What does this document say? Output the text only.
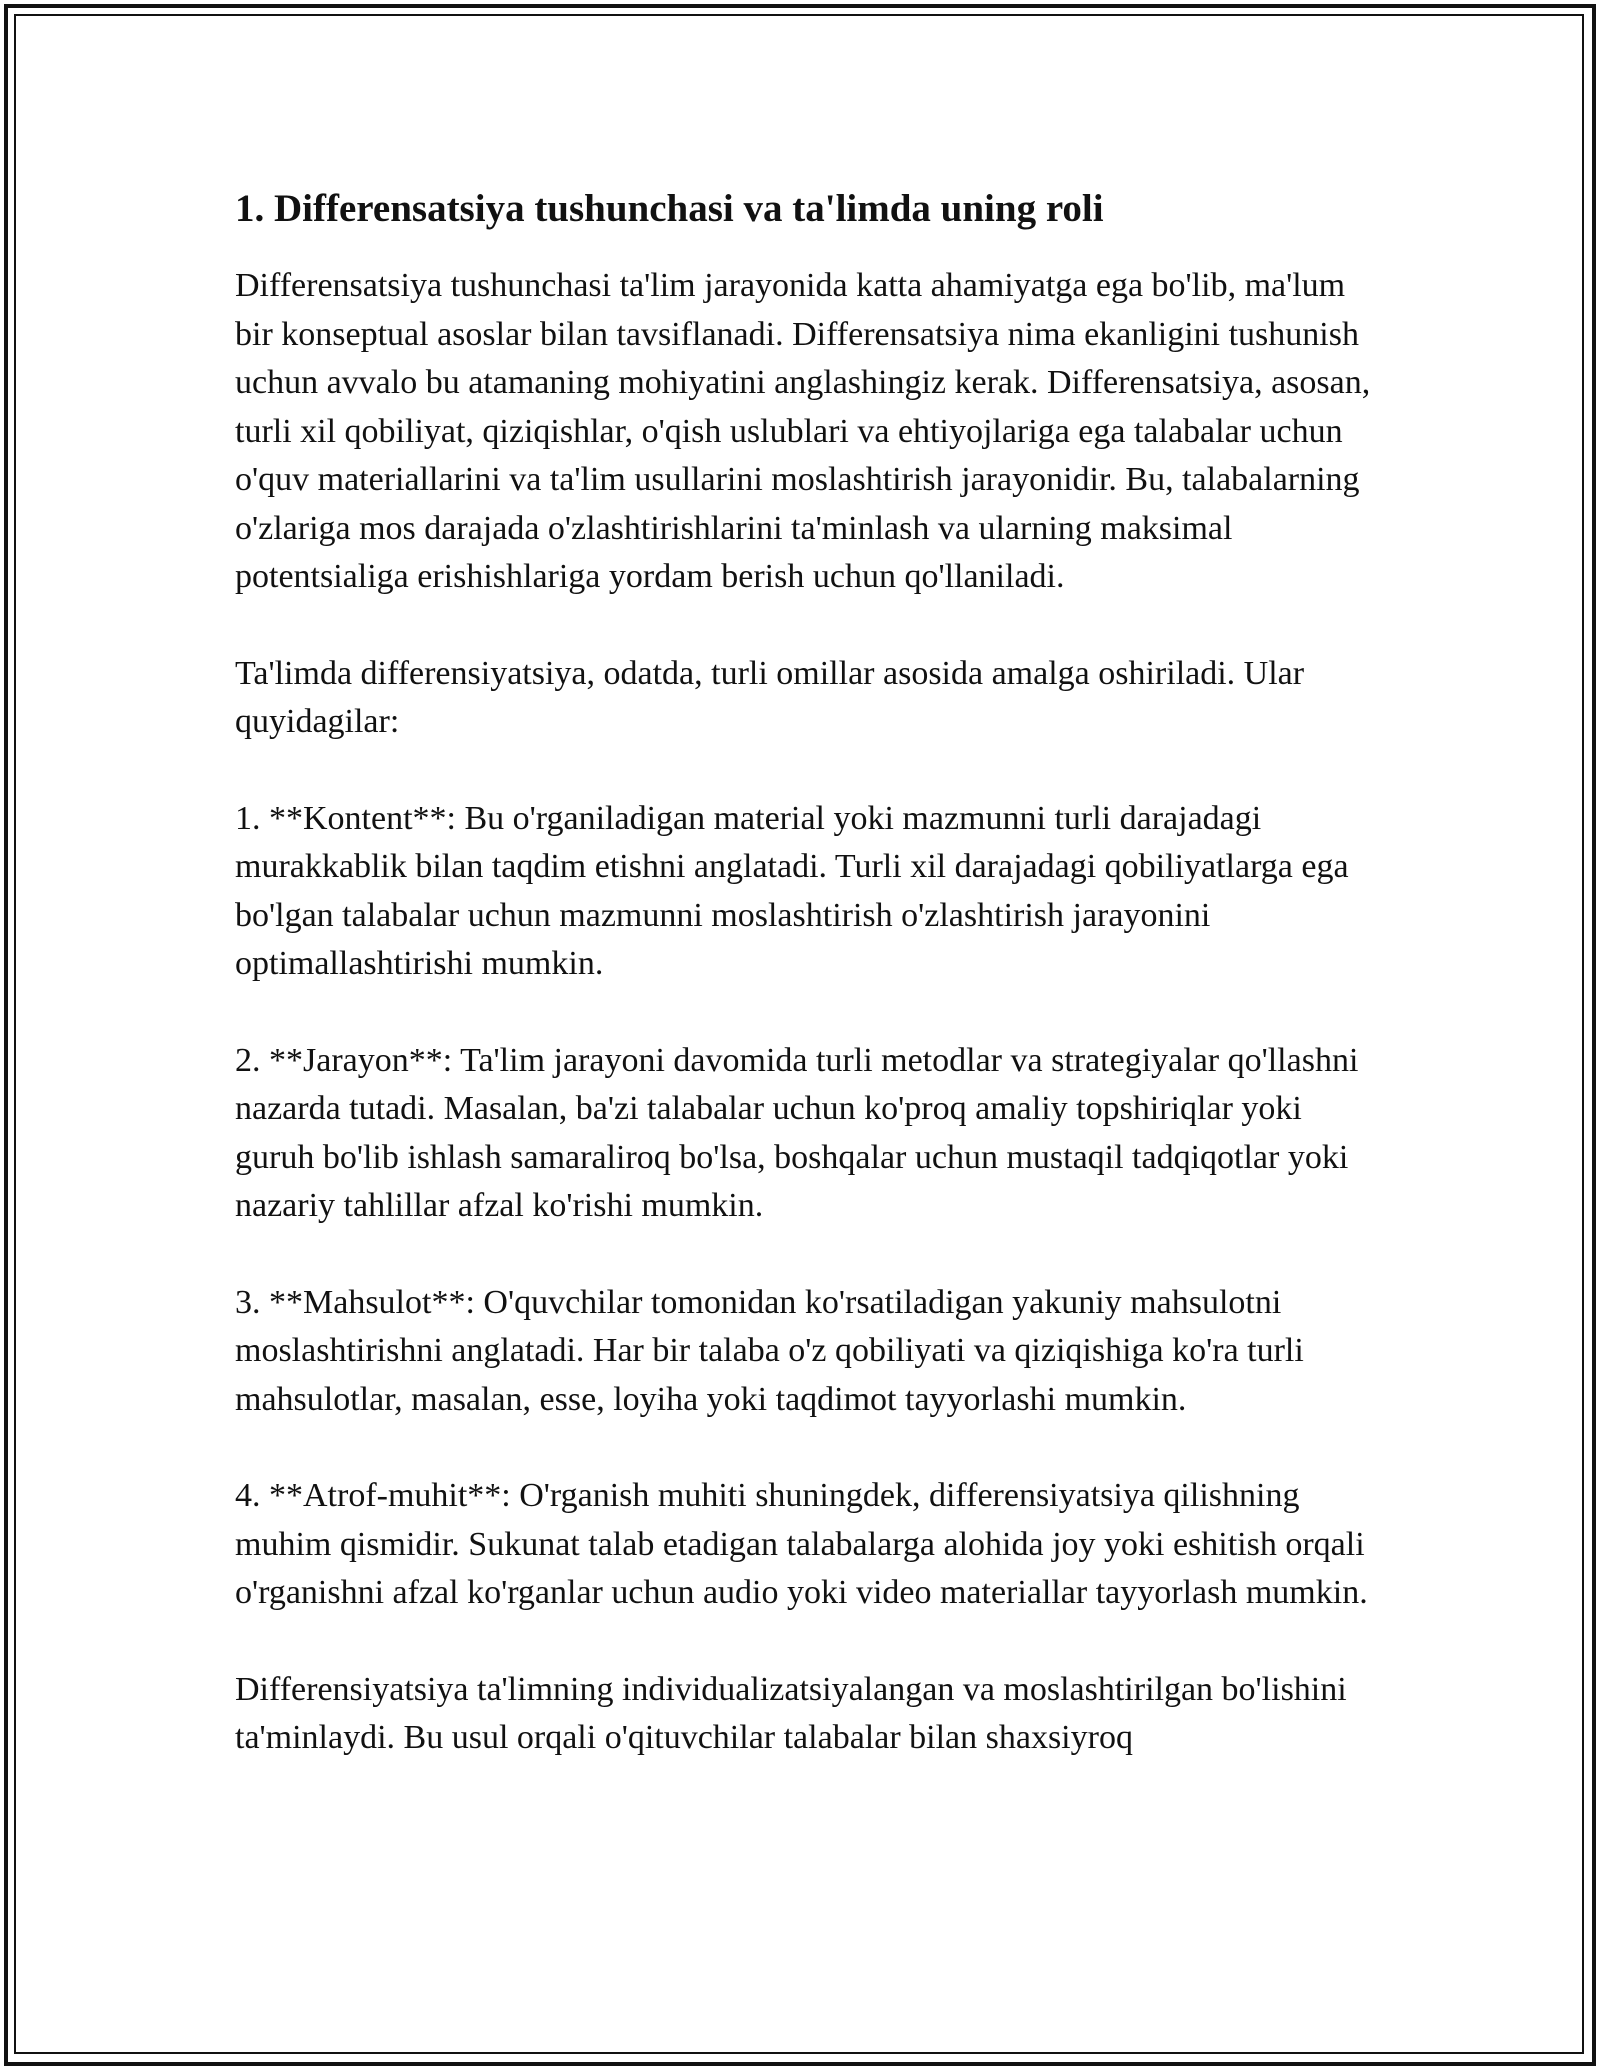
1. Differensatsiya tushunchasi va ta'limda uning roli

Differensatsiya tushunchasi ta'lim jarayonida katta ahamiyatga ega bo'lib, ma'lum bir konseptual asoslar bilan tavsiflanadi. Differensatsiya nima ekanligini tushunish uchun avvalo bu atamaning mohiyatini anglashingiz kerak. Differensatsiya, asosan, turli xil qobiliyat, qiziqishlar, o'qish uslublari va ehtiyojlariga ega talabalar uchun o'quv materiallarini va ta'lim usullarini moslashtirish jarayonidir. Bu, talabalarning o'zlariga mos darajada o'zlashtirishlarini ta'minlash va ularning maksimal potentsialiga erishishlariga yordam berish uchun qo'llaniladi.

Ta'limda differensiyatsiya, odatda, turli omillar asosida amalga oshiriladi. Ular quyidagilar:

1. **Kontent**: Bu o'rganiladigan material yoki mazmunni turli darajadagi murakkablik bilan taqdim etishni anglatadi. Turli xil darajadagi qobiliyatlarga ega bo'lgan talabalar uchun mazmunni moslashtirish o'zlashtirish jarayonini optimallashtirishi mumkin.

2. **Jarayon**: Ta'lim jarayoni davomida turli metodlar va strategiyalar qo'llashni nazarda tutadi. Masalan, ba'zi talabalar uchun ko'proq amaliy topshiriqlar yoki guruh bo'lib ishlash samaraliroq bo'lsa, boshqalar uchun mustaqil tadqiqotlar yoki nazariy tahlillar afzal ko'rishi mumkin.

3. **Mahsulot**: O'quvchilar tomonidan ko'rsatiladigan yakuniy mahsulotni moslashtirishni anglatadi. Har bir talaba o'z qobiliyati va qiziqishiga ko'ra turli mahsulotlar, masalan, esse, loyiha yoki taqdimot tayyorlashi mumkin.

4. **Atrof-muhit**: O'rganish muhiti shuningdek, differensiyatsiya qilishning muhim qismidir. Sukunat talab etadigan talabalarga alohida joy yoki eshitish orqali o'rganishni afzal ko'rganlar uchun audio yoki video materiallar tayyorlash mumkin.

Differensiyatsiya ta'limning individualizatsiyalangan va moslashtirilgan bo'lishini ta'minlaydi. Bu usul orqali o'qituvchilar talabalar bilan shaxsiyroq
